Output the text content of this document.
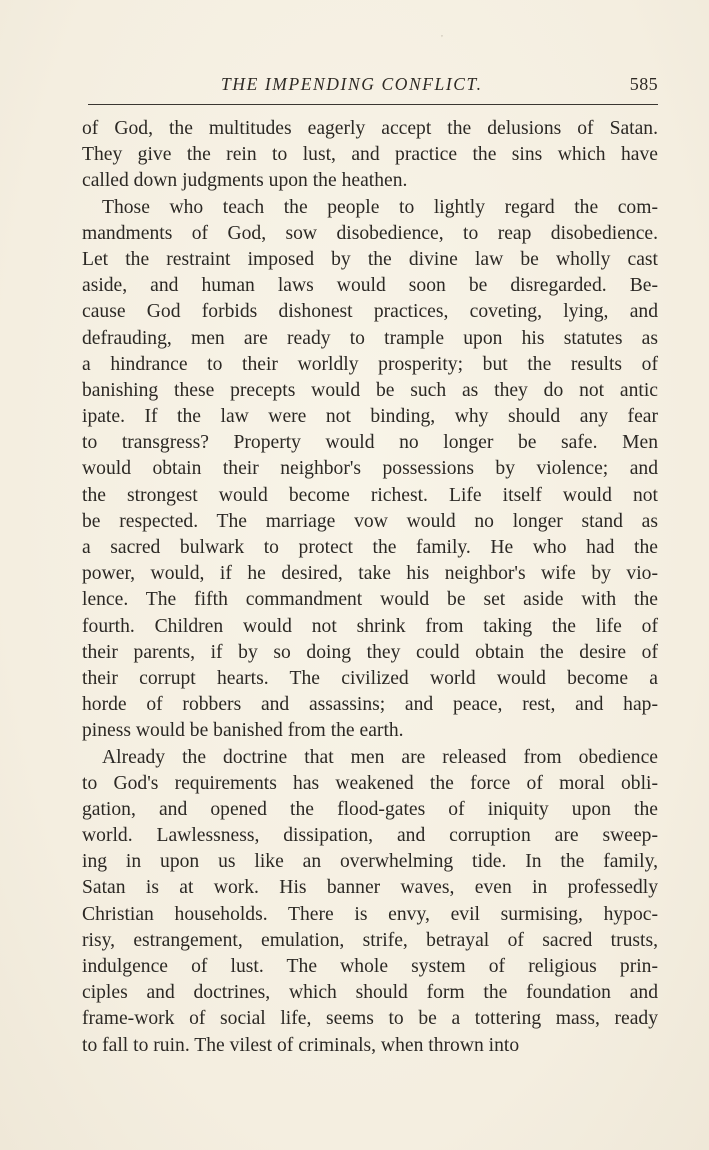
,
THE IMPENDING CONFLICT.	585
of God, the multitudes eagerly accept the delusions of Satan.
They give the rein to lust, and practice the sins which have
called down judgments upon the heathen.
Those who teach the people to lightly regard the com-
mandments of God, sow disobedience, to reap disobedience.
Let the restraint imposed by the divine law be wholly cast
aside, and human laws would soon be disregarded. Be-
cause God forbids dishonest practices, coveting, lying, and
defrauding, men are ready to trample upon his statutes as
a hindrance to their worldly prosperity; but the results of
banishing these precepts would be such as they do not antic
ipate. If the law were not binding, why should any fear
to transgress? Property would no longer be safe. Men
would obtain their neighbor's possessions by violence; and
the strongest would become richest. Life itself would not
be respected. The marriage vow would no longer stand as
a sacred bulwark to protect the family. He who had the
power, would, if he desired, take his neighbor's wife by vio-
lence. The fifth commandment would be set aside with the
fourth. Children would not shrink from taking the life of
their parents, if by so doing they could obtain the desire of
their corrupt hearts. The civilized world would become a
horde of robbers and assassins; and peace, rest, and hap-
piness would be banished from the earth.
Already the doctrine that men are released from obedience
to God's requirements has weakened the force of moral obli-
gation, and opened the flood-gates of iniquity upon the
world. Lawlessness, dissipation, and corruption are sweep-
ing in upon us like an overwhelming tide. In the family,
Satan is at work. His banner waves, even in professedly
Christian households. There is envy, evil surmising, hypoc-
risy, estrangement, emulation, strife, betrayal of sacred trusts,
indulgence of lust. The whole system of religious prin-
ciples and doctrines, which should form the foundation and
frame-work of social life, seems to be a tottering mass, ready
to fall to ruin. The vilest of criminals, when thrown into
